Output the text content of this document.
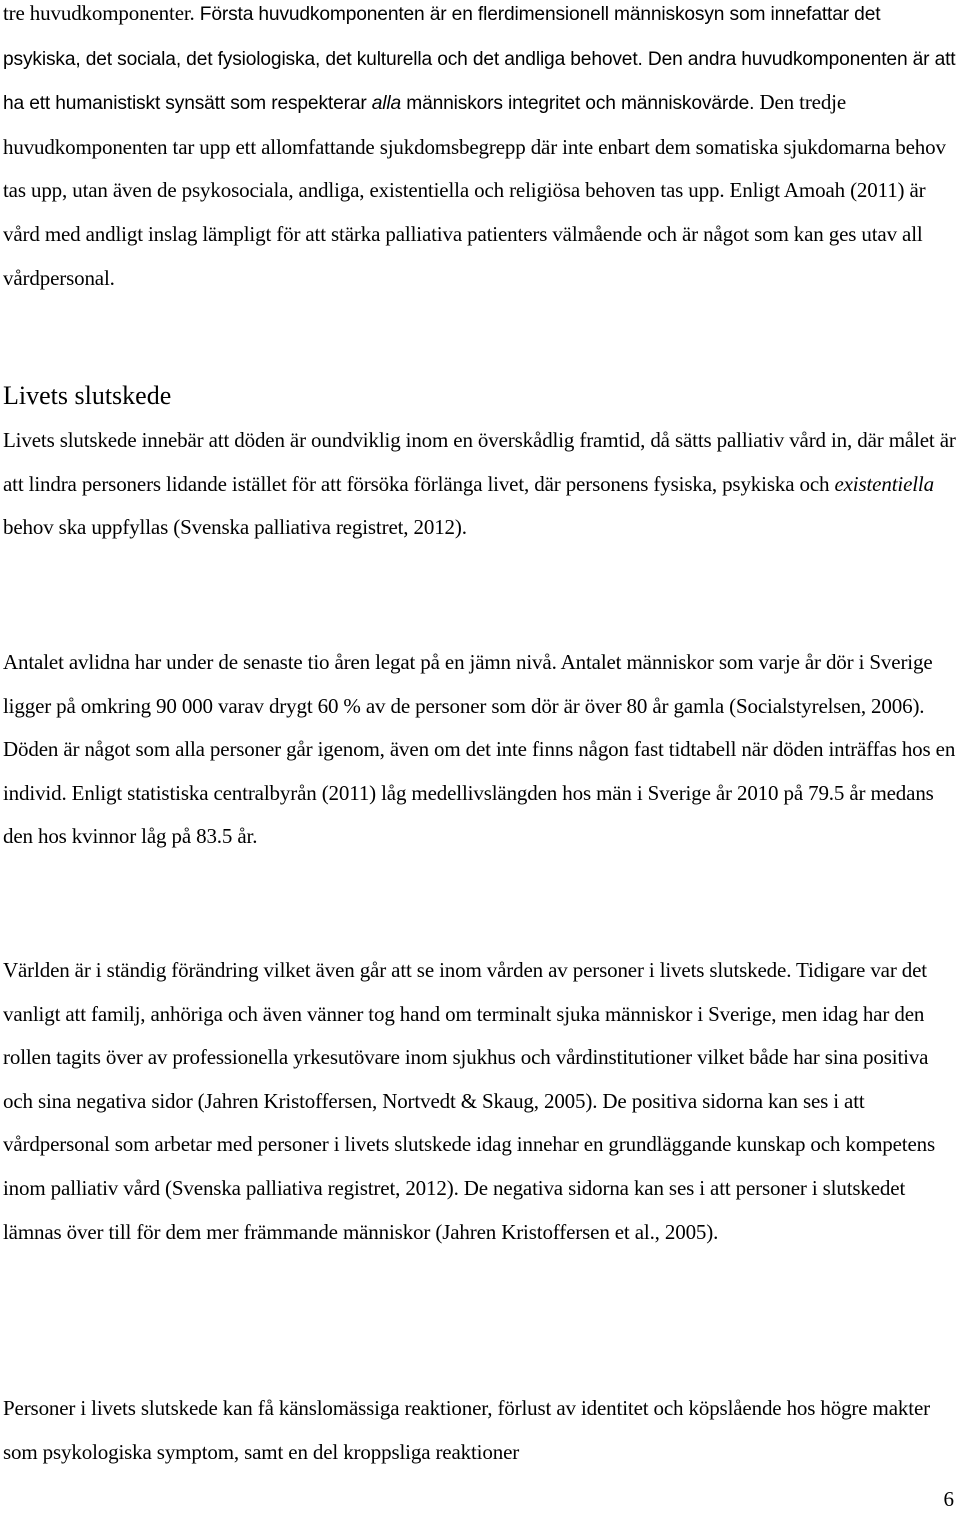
tre huvudkomponenter. Första huvudkomponenten är en flerdimensionell människosyn som innefattar det psykiska, det sociala, det fysiologiska, det kulturella och det andliga behovet. Den andra huvudkomponenten är att ha ett humanistiskt synsätt som respekterar alla människors integritet och människovärde. Den tredje huvudkomponenten tar upp ett allomfattande sjukdomsbegrepp där inte enbart dem somatiska sjukdomarna behov tas upp, utan även de psykosociala, andliga, existentiella och religiösa behoven tas upp. Enligt Amoah (2011) är vård med andligt inslag lämpligt för att stärka palliativa patienters välmående och är något som kan ges utav all vårdpersonal.

Livets slutskede

Livets slutskede innebär att döden är oundviklig inom en överskådlig framtid, då sätts palliativ vård in, där målet är att lindra personers lidande istället för att försöka förlänga livet, där personens fysiska, psykiska och existentiella behov ska uppfyllas (Svenska palliativa registret, 2012).

Antalet avlidna har under de senaste tio åren legat på en jämn nivå. Antalet människor som varje år dör i Sverige ligger på omkring 90 000 varav drygt 60 % av de personer som dör är över 80 år gamla (Socialstyrelsen, 2006). Döden är något som alla personer går igenom, även om det inte finns någon fast tidtabell när döden inträffas hos en individ. Enligt statistiska centralbyrån (2011) låg medellivslängden hos män i Sverige år 2010 på 79.5 år medans den hos kvinnor låg på 83.5 år.

Världen är i ständig förändring vilket även går att se inom vården av personer i livets slutskede. Tidigare var det vanligt att familj, anhöriga och även vänner tog hand om terminalt sjuka människor i Sverige, men idag har den rollen tagits över av professionella yrkesutövare inom sjukhus och vårdinstitutioner vilket både har sina positiva och sina negativa sidor (Jahren Kristoffersen, Nortvedt & Skaug, 2005). De positiva sidorna kan ses i att vårdpersonal som arbetar med personer i livets slutskede idag innehar en grundläggande kunskap och kompetens inom palliativ vård (Svenska palliativa registret, 2012). De negativa sidorna kan ses i att personer i slutskedet lämnas över till för dem mer främmande människor (Jahren Kristoffersen et al., 2005).

Personer i livets slutskede kan få känslomässiga reaktioner, förlust av identitet och köpslående hos högre makter som psykologiska symptom, samt en del kroppsliga reaktioner

6
